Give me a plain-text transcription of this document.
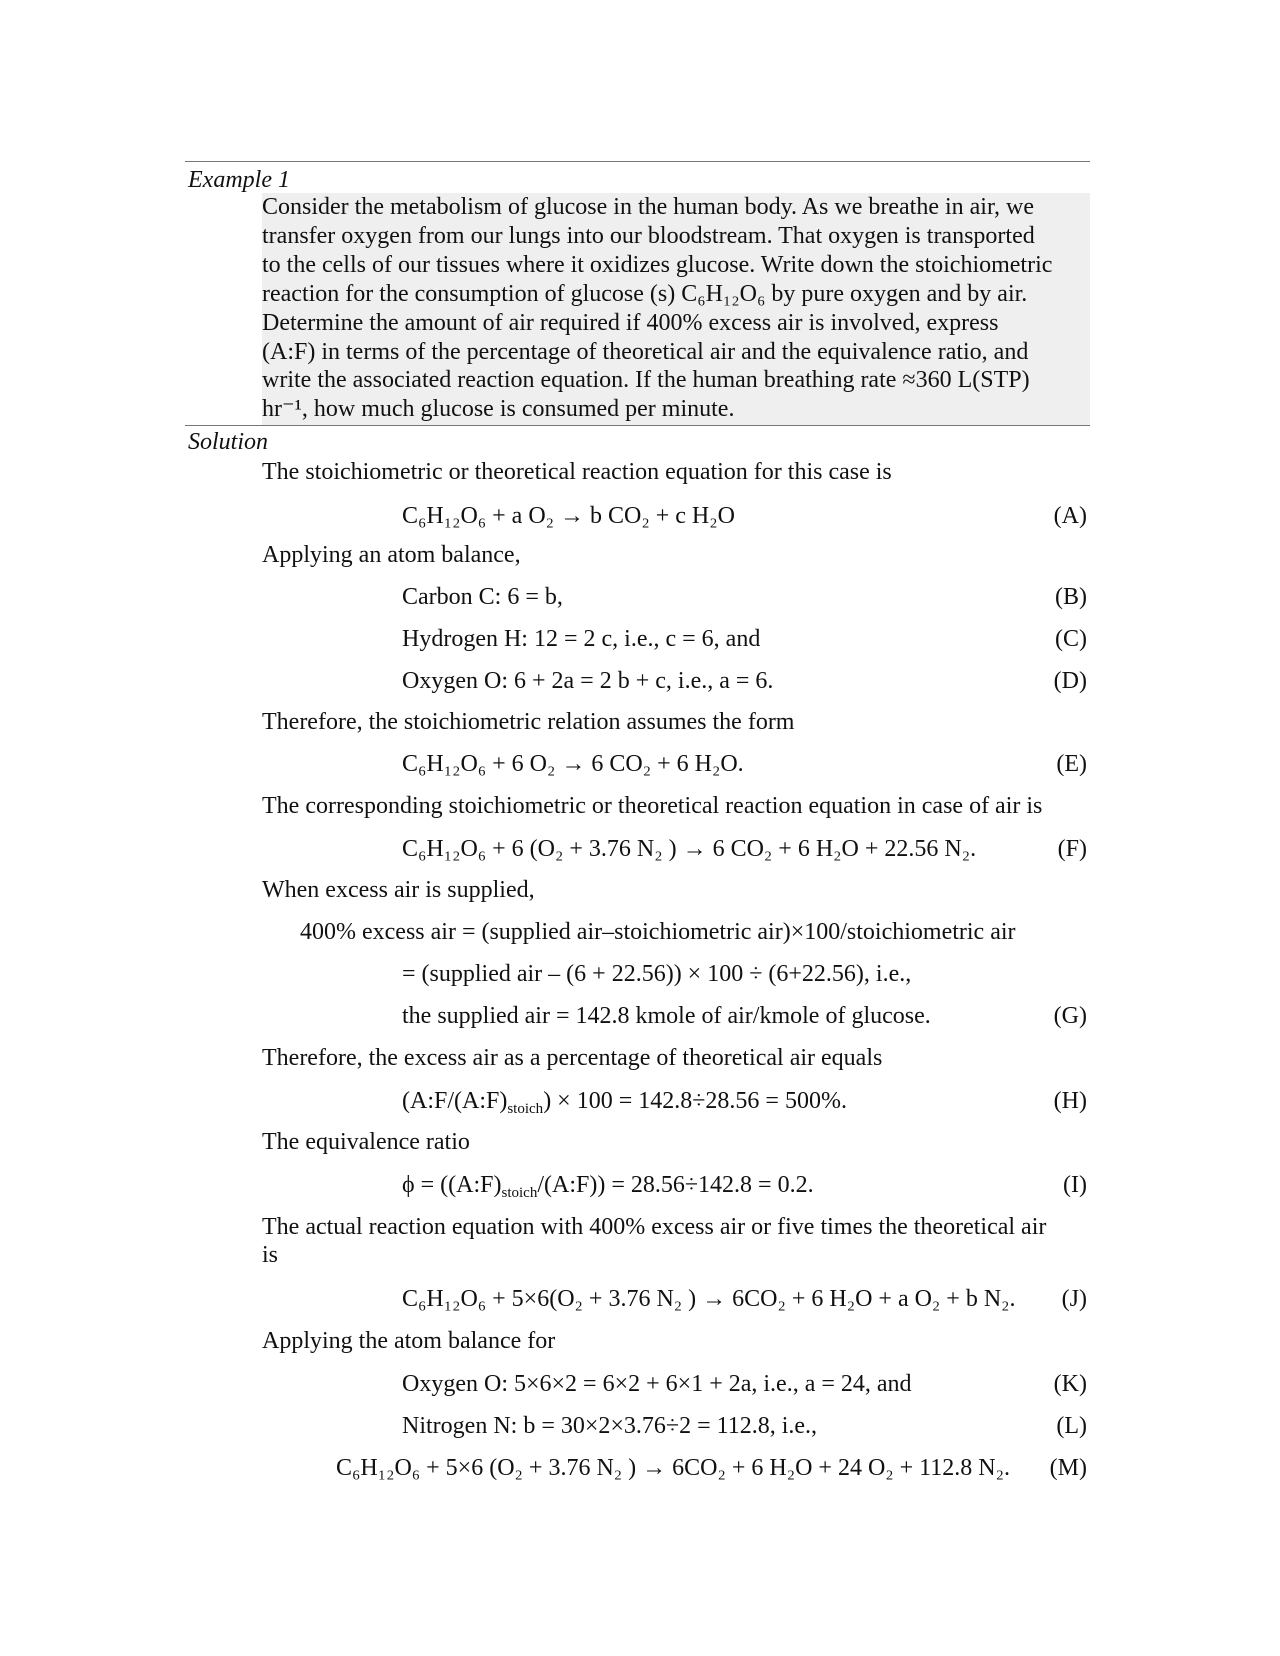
Example 1
Consider the metabolism of glucose in the human body. As we breathe in air, we
transfer oxygen from our lungs into our bloodstream. That oxygen is transported
to the cells of our tissues where it oxidizes glucose. Write down the stoichiometric
reaction for the consumption of glucose (s) C₆H₁₂O₆ by pure oxygen and by air.
Determine the amount of air required if 400% excess air is involved, express
(A:F) in terms of the percentage of theoretical air and the equivalence ratio, and
write the associated reaction equation. If the human breathing rate ≈360 L(STP)
hr⁻¹, how much glucose is consumed per minute.
Solution
The stoichiometric or theoretical reaction equation for this case is
C₆H₁₂O₆ + a O₂ → b CO₂ + c H₂O	(A)
Applying an atom balance,
Carbon C: 6 = b,	(B)
Hydrogen H: 12 = 2 c, i.e., c = 6, and	(C)
Oxygen O: 6 + 2a = 2 b + c, i.e., a = 6.	(D)
Therefore, the stoichiometric relation assumes the form
C₆H₁₂O₆ + 6 O₂ → 6 CO₂ + 6 H₂O.	(E)
The corresponding stoichiometric or theoretical reaction equation in case of air is
C₆H₁₂O₆ + 6 (O₂ + 3.76 N₂ ) → 6 CO₂ + 6 H₂O + 22.56 N₂.	(F)
When excess air is supplied,
400% excess air = (supplied air–stoichiometric air)×100/stoichiometric air
= (supplied air – (6 + 22.56)) × 100 ÷ (6+22.56), i.e.,
the supplied air = 142.8 kmole of air/kmole of glucose.	(G)
Therefore, the excess air as a percentage of theoretical air equals
$(A:F/(A:F)_{stoich}) \times 100 = 142.8\div 28.56 = 500\%$.	(H)
The equivalence ratio
$\phi = ((A:F)_{stoich}/(A:F)) = 28.56\div 142.8 = 0.2$.	(I)
The actual reaction equation with 400% excess air or five times the theoretical air
is
C₆H₁₂O₆ + 5×6(O₂ + 3.76 N₂ ) → 6CO₂ + 6 H₂O + a O₂ + b N₂. (J)
Applying the atom balance for
Oxygen O: 5×6×2 = 6×2 + 6×1 + 2a, i.e., a = 24, and	(K)
Nitrogen N: b = 30×2×3.76÷2 = 112.8, i.e.,	(L)
C₆H₁₂O₆ + 5×6 (O₂ + 3.76 N₂ ) → 6CO₂ + 6 H₂O + 24 O₂ + 112.8 N₂. (M)
